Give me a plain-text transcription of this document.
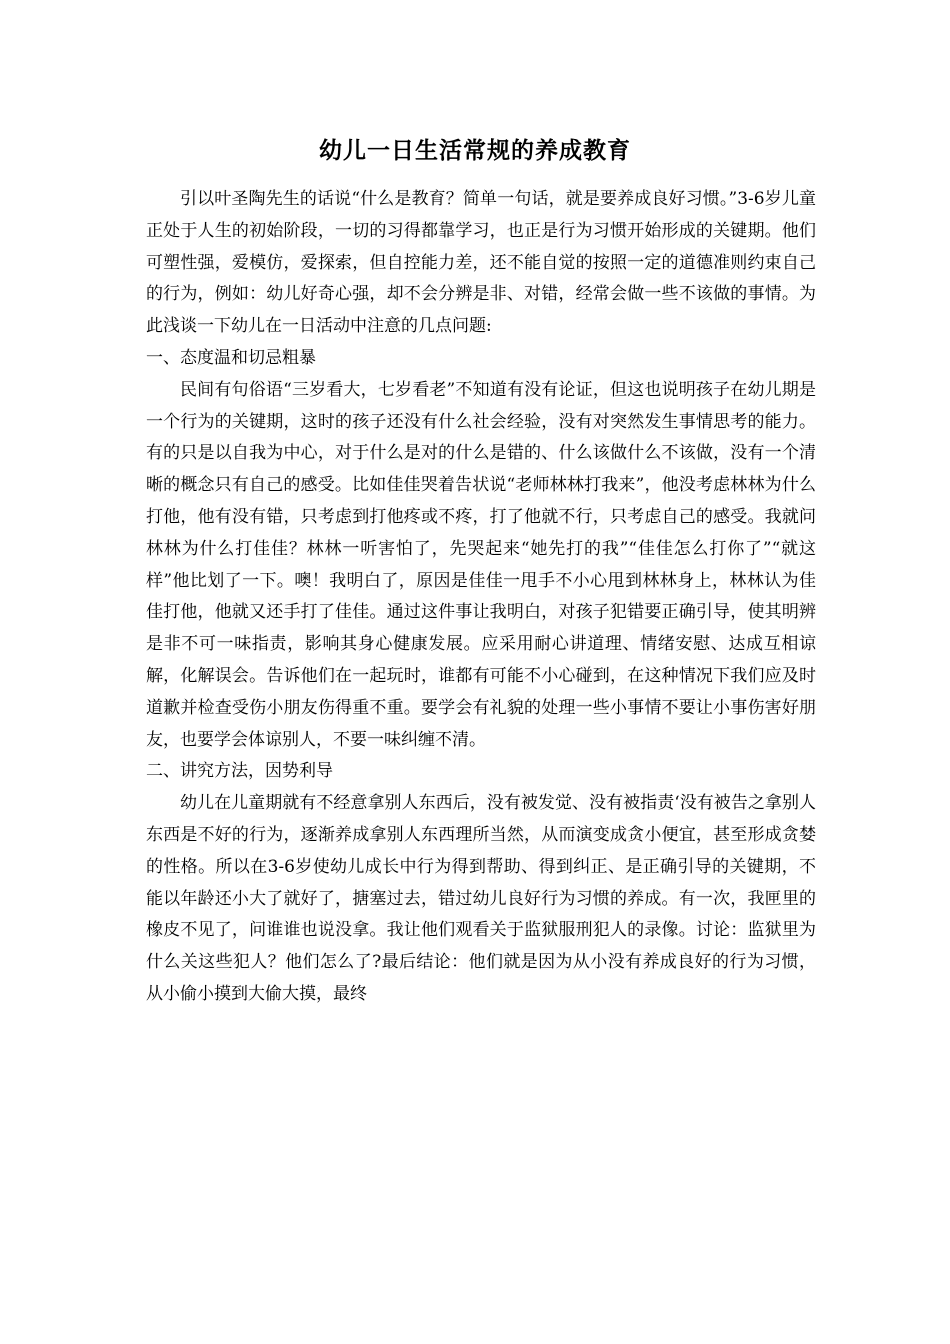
幼儿一日生活常规的养成教育

引以叶圣陶先生的话说“什么是教育？简单一句话，就是要养成良好习惯。”3-6岁儿童正处于人生的初始阶段，一切的习得都靠学习，也正是行为习惯开始形成的关键期。他们可塑性强，爱模仿，爱探索，但自控能力差，还不能自觉的按照一定的道德准则约束自己的行为，例如：幼儿好奇心强，却不会分辨是非、对错，经常会做一些不该做的事情。为此浅谈一下幼儿在一日活动中注意的几点问题:

一、态度温和切忌粗暴

民间有句俗语“三岁看大，七岁看老”不知道有没有论证，但这也说明孩子在幼儿期是一个行为的关键期，这时的孩子还没有什么社会经验，没有对突然发生事情思考的能力。有的只是以自我为中心，对于什么是对的什么是错的、什么该做什么不该做，没有一个清晰的概念只有自己的感受。比如佳佳哭着告状说“老师林林打我来”，他没考虑林林为什么打他，他有没有错，只考虑到打他疼或不疼，打了他就不行，只考虑自己的感受。我就问林林为什么打佳佳？林林一听害怕了，先哭起来“她先打的我”“佳佳怎么打你了”“就这样”他比划了一下。噢！我明白了，原因是佳佳一甩手不小心甩到林林身上，林林认为佳佳打他，他就又还手打了佳佳。通过这件事让我明白，对孩子犯错要正确引导，使其明辨是非不可一味指责，影响其身心健康发展。应采用耐心讲道理、情绪安慰、达成互相谅解，化解误会。告诉他们在一起玩时，谁都有可能不小心碰到，在这种情况下我们应及时道歉并检查受伤小朋友伤得重不重。要学会有礼貌的处理一些小事情不要让小事伤害好朋友，也要学会体谅别人，不要一味纠缠不清。

二、讲究方法，因势利导

幼儿在儿童期就有不经意拿别人东西后，没有被发觉、没有被指责‘没有被告之拿别人东西是不好的行为，逐渐养成拿别人东西理所当然，从而演变成贪小便宜，甚至形成贪婪的性格。所以在3-6岁使幼儿成长中行为得到帮助、得到纠正、是正确引导的关键期，不能以年龄还小大了就好了，搪塞过去，错过幼儿良好行为习惯的养成。有一次，我匣里的橡皮不见了，问谁谁也说没拿。我让他们观看关于监狱服刑犯人的录像。讨论：监狱里为什么关这些犯人？他们怎么了?最后结论：他们就是因为从小没有养成良好的行为习惯，从小偷小摸到大偷大摸，最终
